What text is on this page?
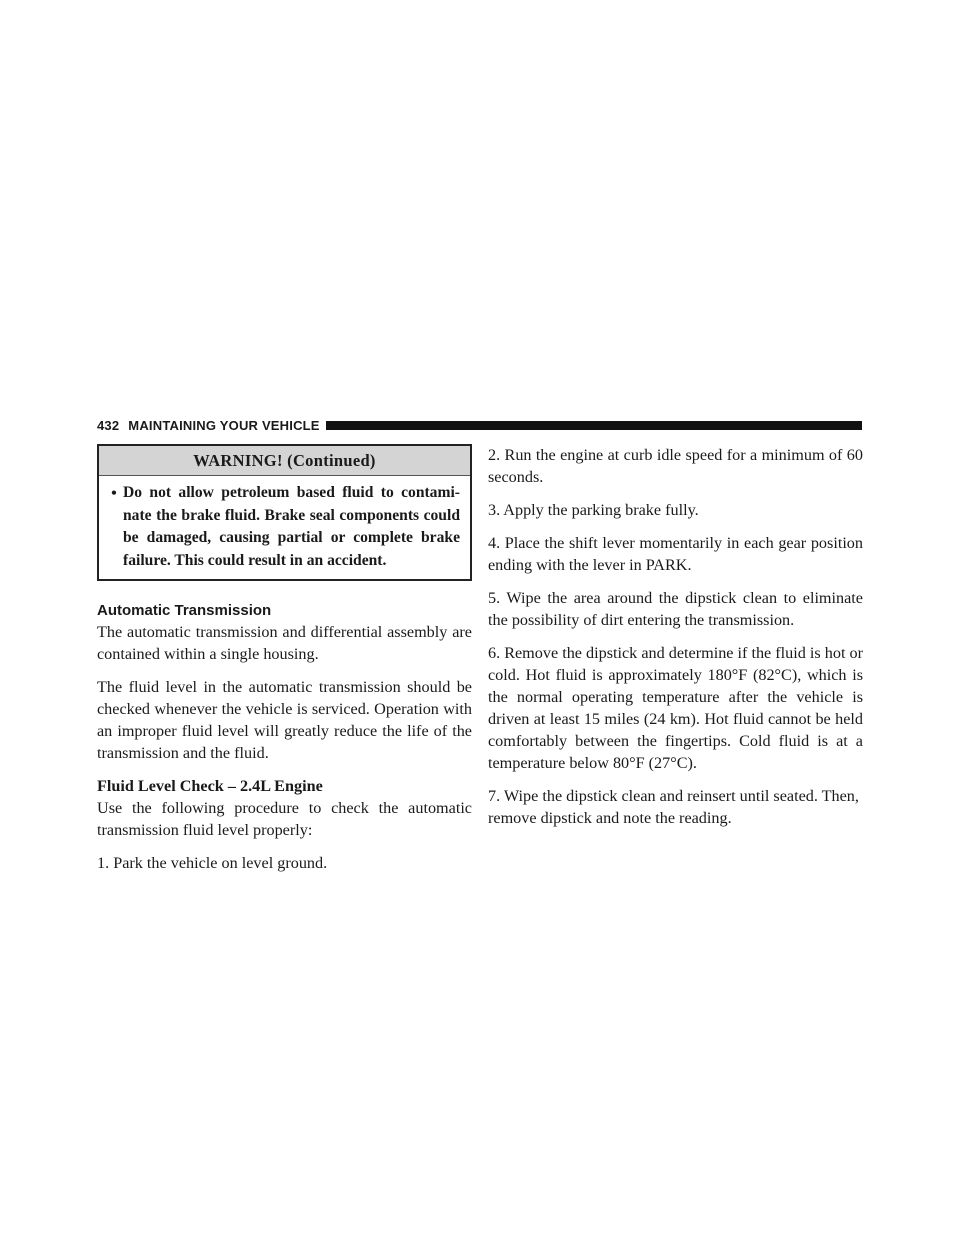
432 MAINTAINING YOUR VEHICLE
WARNING! (Continued)
• Do not allow petroleum based fluid to contami- nate the brake fluid. Brake seal components could be damaged, causing partial or complete brake failure. This could result in an accident.
Automatic Transmission

The automatic transmission and differential assembly are contained within a single housing.

The fluid level in the automatic transmission should be checked whenever the vehicle is serviced. Operation with an improper fluid level will greatly reduce the life of the transmission and the fluid.

Fluid Level Check – 2.4L Engine

Use the following procedure to check the automatic transmission fluid level properly:

1. Park the vehicle on level ground.

2. Run the engine at curb idle speed for a minimum of 60 seconds.

3. Apply the parking brake fully.

4. Place the shift lever momentarily in each gear position ending with the lever in PARK.

5. Wipe the area around the dipstick clean to eliminate the possibility of dirt entering the transmission.

6. Remove the dipstick and determine if the fluid is hot or cold. Hot fluid is approximately 180°F (82°C), which is the normal operating temperature after the vehicle is driven at least 15 miles (24 km). Hot fluid cannot be held comfortably between the fingertips. Cold fluid is at a temperature below 80°F (27°C).

7. Wipe the dipstick clean and reinsert until seated. Then, remove dipstick and note the reading.
